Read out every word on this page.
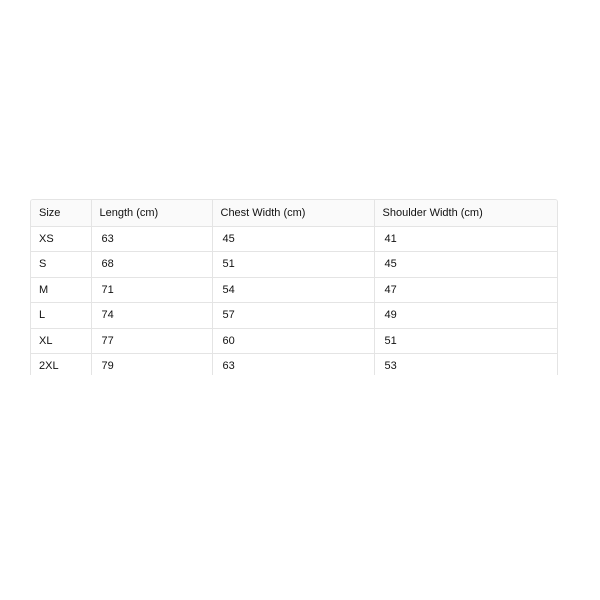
Size	Length (cm)	Chest Width (cm)	Shoulder Width (cm)
XS	63	45	41
S	68	51	45
M	71	54	47
L	74	57	49
XL	77	60	51
2XL	79	63	53
